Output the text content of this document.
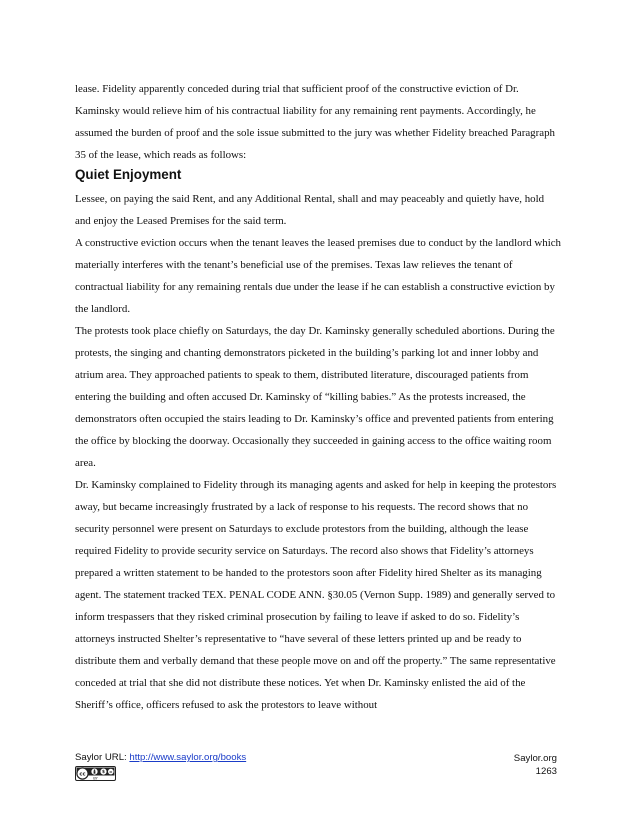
lease. Fidelity apparently conceded during trial that sufficient proof of the constructive eviction of Dr. Kaminsky would relieve him of his contractual liability for any remaining rent payments. Accordingly, he assumed the burden of proof and the sole issue submitted to the jury was whether Fidelity breached Paragraph 35 of the lease, which reads as follows:

Quiet Enjoyment

Lessee, on paying the said Rent, and any Additional Rental, shall and may peaceably and quietly have, hold and enjoy the Leased Premises for the said term.

A constructive eviction occurs when the tenant leaves the leased premises due to conduct by the landlord which materially interferes with the tenant’s beneficial use of the premises. Texas law relieves the tenant of contractual liability for any remaining rentals due under the lease if he can establish a constructive eviction by the landlord.

The protests took place chiefly on Saturdays, the day Dr. Kaminsky generally scheduled abortions. During the protests, the singing and chanting demonstrators picketed in the building’s parking lot and inner lobby and atrium area. They approached patients to speak to them, distributed literature, discouraged patients from entering the building and often accused Dr. Kaminsky of “killing babies.” As the protests increased, the demonstrators often occupied the stairs leading to Dr. Kaminsky’s office and prevented patients from entering the office by blocking the doorway. Occasionally they succeeded in gaining access to the office waiting room area.

Dr. Kaminsky complained to Fidelity through its managing agents and asked for help in keeping the protestors away, but became increasingly frustrated by a lack of response to his requests. The record shows that no security personnel were present on Saturdays to exclude protestors from the building, although the lease required Fidelity to provide security service on Saturdays. The record also shows that Fidelity’s attorneys prepared a written statement to be handed to the protestors soon after Fidelity hired Shelter as its managing agent. The statement tracked TEX. PENAL CODE ANN. §30.05 (Vernon Supp. 1989) and generally served to inform trespassers that they risked criminal prosecution by failing to leave if asked to do so. Fidelity’s attorneys instructed Shelter’s representative to “have several of these letters printed up and be ready to distribute them and verbally demand that these people move on and off the property.” The same representative conceded at trial that she did not distribute these notices. Yet when Dr. Kaminsky enlisted the aid of the Sheriff’s office, officers refused to ask the protestors to leave without

Saylor URL: http://www.saylor.org/books	Saylor.org
1263
cc	$ =
BY
